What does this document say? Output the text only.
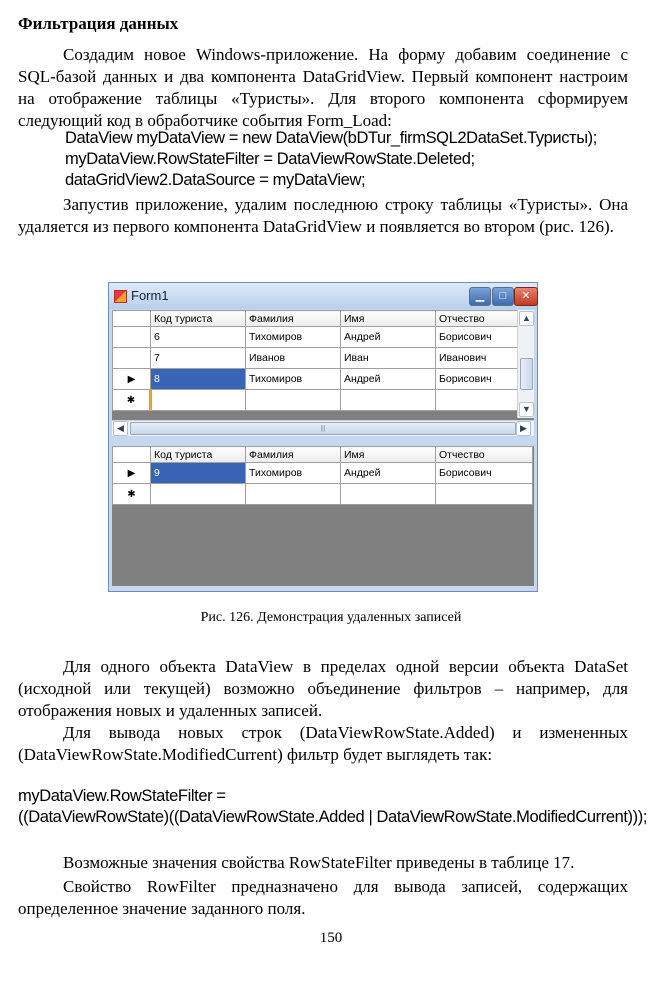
Фильтрация данных
Создадим новое Windows-приложение. На форму добавим соединение с SQL-базой данных и два компонента DataGridView. Первый компонент настроим на отображение таблицы «Туристы». Для второго компонента сформируем следующий код в обработчике события Form_Load:
DataView myDataView = new DataView(bDTur_firmSQL2DataSet.Туристы);
myDataView.RowStateFilter = DataViewRowState.Deleted;
dataGridView2.DataSource = myDataView;
Запустив приложение, удалим последнюю строку таблицы «Туристы». Она удаляется из первого компонента DataGridView и появляется во втором (рис. 126).
Form1	▁	□	✕
	Код туриста	Фамилия	Имя	Отчество
	6	Тихомиров	Андрей	Борисович
	7	Иванов	Иван	Иванович
▶	8	Тихомиров	Андрей	Борисович
✱				
▲
▼
◀	|||	▶
	Код туриста	Фамилия	Имя	Отчество
▶	9	Тихомиров	Андрей	Борисович
✱				
Рис. 126. Демонстрация удаленных записей
Для одного объекта DataView в пределах одной версии объекта DataSet (исходной или текущей) возможно объединение фильтров – например, для отображения новых и удаленных записей.
Для вывода новых строк (DataViewRowState.Added) и измененных (DataViewRowState.ModifiedCurrent) фильтр будет выглядеть так:
myDataView.RowStateFilter =
((DataViewRowState)((DataViewRowState.Added | DataViewRowState.ModifiedCurrent)));
Возможные значения свойства RowStateFilter приведены в таблице 17.
Свойство RowFilter предназначено для вывода записей, содержащих определенное значение заданного поля.
150
